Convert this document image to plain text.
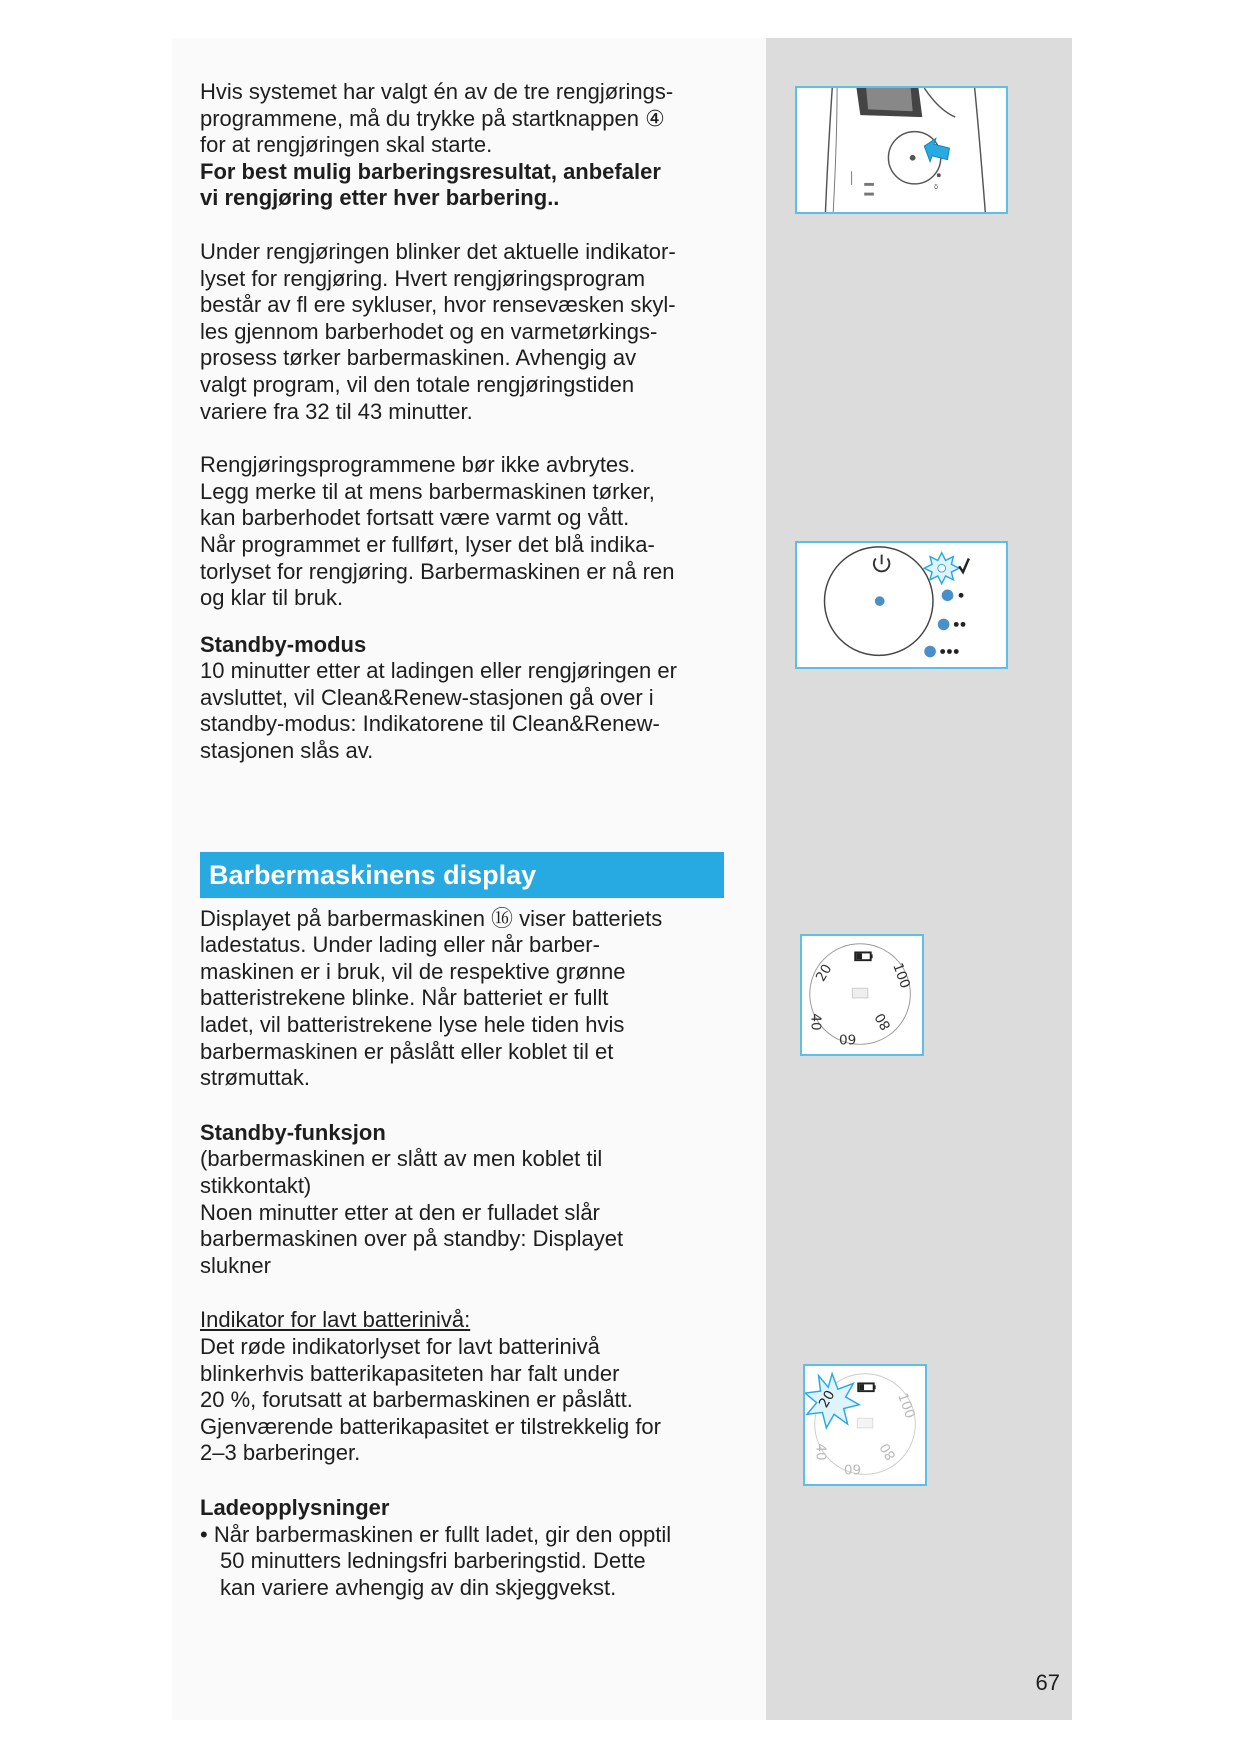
Hvis systemet har valgt én av de tre rengjørings-

programmene, må du trykke på startknappen ④

for at rengjøringen skal starte.

For best mulig barberingsresultat, anbefaler

vi rengjøring etter hver barbering..

Under rengjøringen blinker det aktuelle indikator-

lyset for rengjøring. Hvert rengjøringsprogram

består av fl ere sykluser, hvor rensevæsken skyl-

les gjennom barberhodet og en varmetørkings-

prosess tørker barbermaskinen. Avhengig av

valgt program, vil den totale rengjøringstiden

variere fra 32 til 43 minutter.

Rengjøringsprogrammene bør ikke avbrytes.

Legg merke til at mens barbermaskinen tørker,

kan barberhodet fortsatt være varmt og vått.

Når programmet er fullført, lyser det blå indika-

torlyset for rengjøring. Barbermaskinen er nå ren

og klar til bruk.

Standby-modus

10 minutter etter at ladingen eller rengjøringen er

avsluttet, vil Clean&Renew-stasjonen gå over i

standby-modus: Indikatorene til Clean&Renew-

stasjonen slås av.

Barbermaskinens display

Displayet på barbermaskinen ⑯ viser batteriets

ladestatus. Under lading eller når barber-

maskinen er i bruk, vil de respektive grønne

batteristrekene blinke. Når batteriet er fullt

ladet, vil batteristrekene lyse hele tiden hvis

barbermaskinen er påslått eller koblet til et

strømuttak.

Standby-funksjon

(barbermaskinen er slått av men koblet til

stikkontakt)

Noen minutter etter at den er fulladet slår

barbermaskinen over på standby: Displayet

slukner

Indikator for lavt batterinivå:

Det røde indikatorlyset for lavt batterinivå

blinkerhvis batterikapasiteten har falt under

20 %, forutsatt at barbermaskinen er påslått.

Gjenværende batterikapasitet er tilstrekkelig for

2–3 barberinger.

Ladeopplysninger

• Når barbermaskinen er fullt ladet, gir den opptil

50 minutters ledningsfri barberingstid. Dette

kan variere avhengig av din skjeggvekst.

δ
20
40
60
80
100
20
40
60
80
100
67
